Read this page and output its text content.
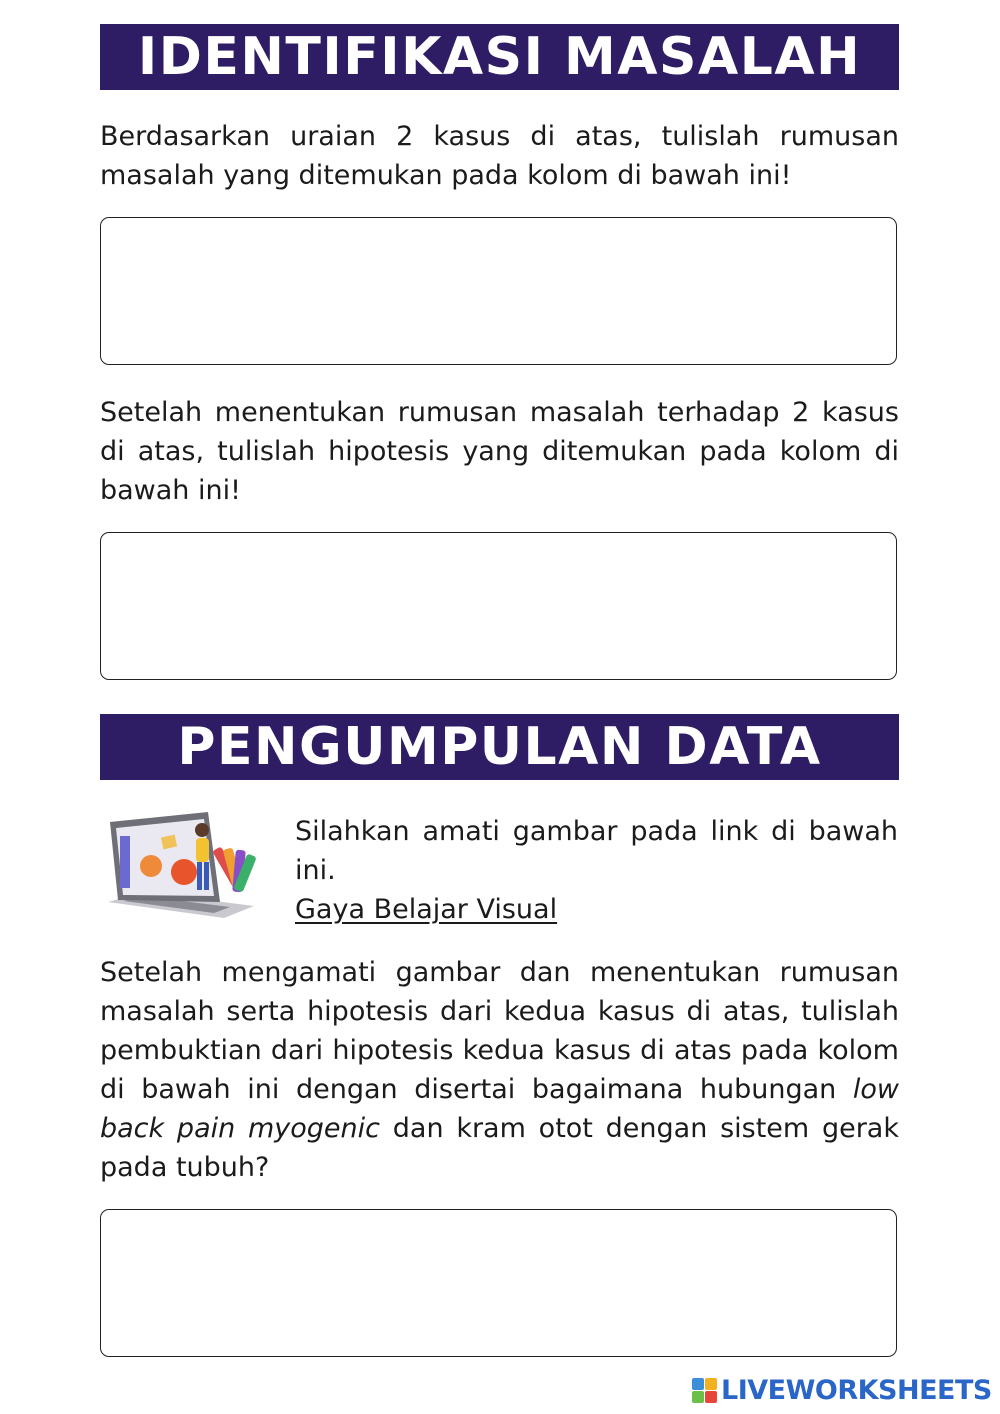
IDENTIFIKASI MASALAH

Berdasarkan uraian 2 kasus di atas, tulislah rumusan masalah yang ditemukan pada kolom di bawah ini!

Setelah menentukan rumusan masalah terhadap 2 kasus di atas, tulislah hipotesis yang ditemukan pada kolom di bawah ini!

PENGUMPULAN DATA
Silahkan amati gambar pada link di bawah ini.
Gaya Belajar Visual

Setelah mengamati gambar dan menentukan rumusan masalah serta hipotesis dari kedua kasus di atas, tulislah pembuktian dari hipotesis kedua kasus di atas pada kolom di bawah ini dengan disertai bagaimana hubungan low back pain myogenic dan kram otot dengan sistem gerak pada tubuh?

LIVEWORKSHEETS
